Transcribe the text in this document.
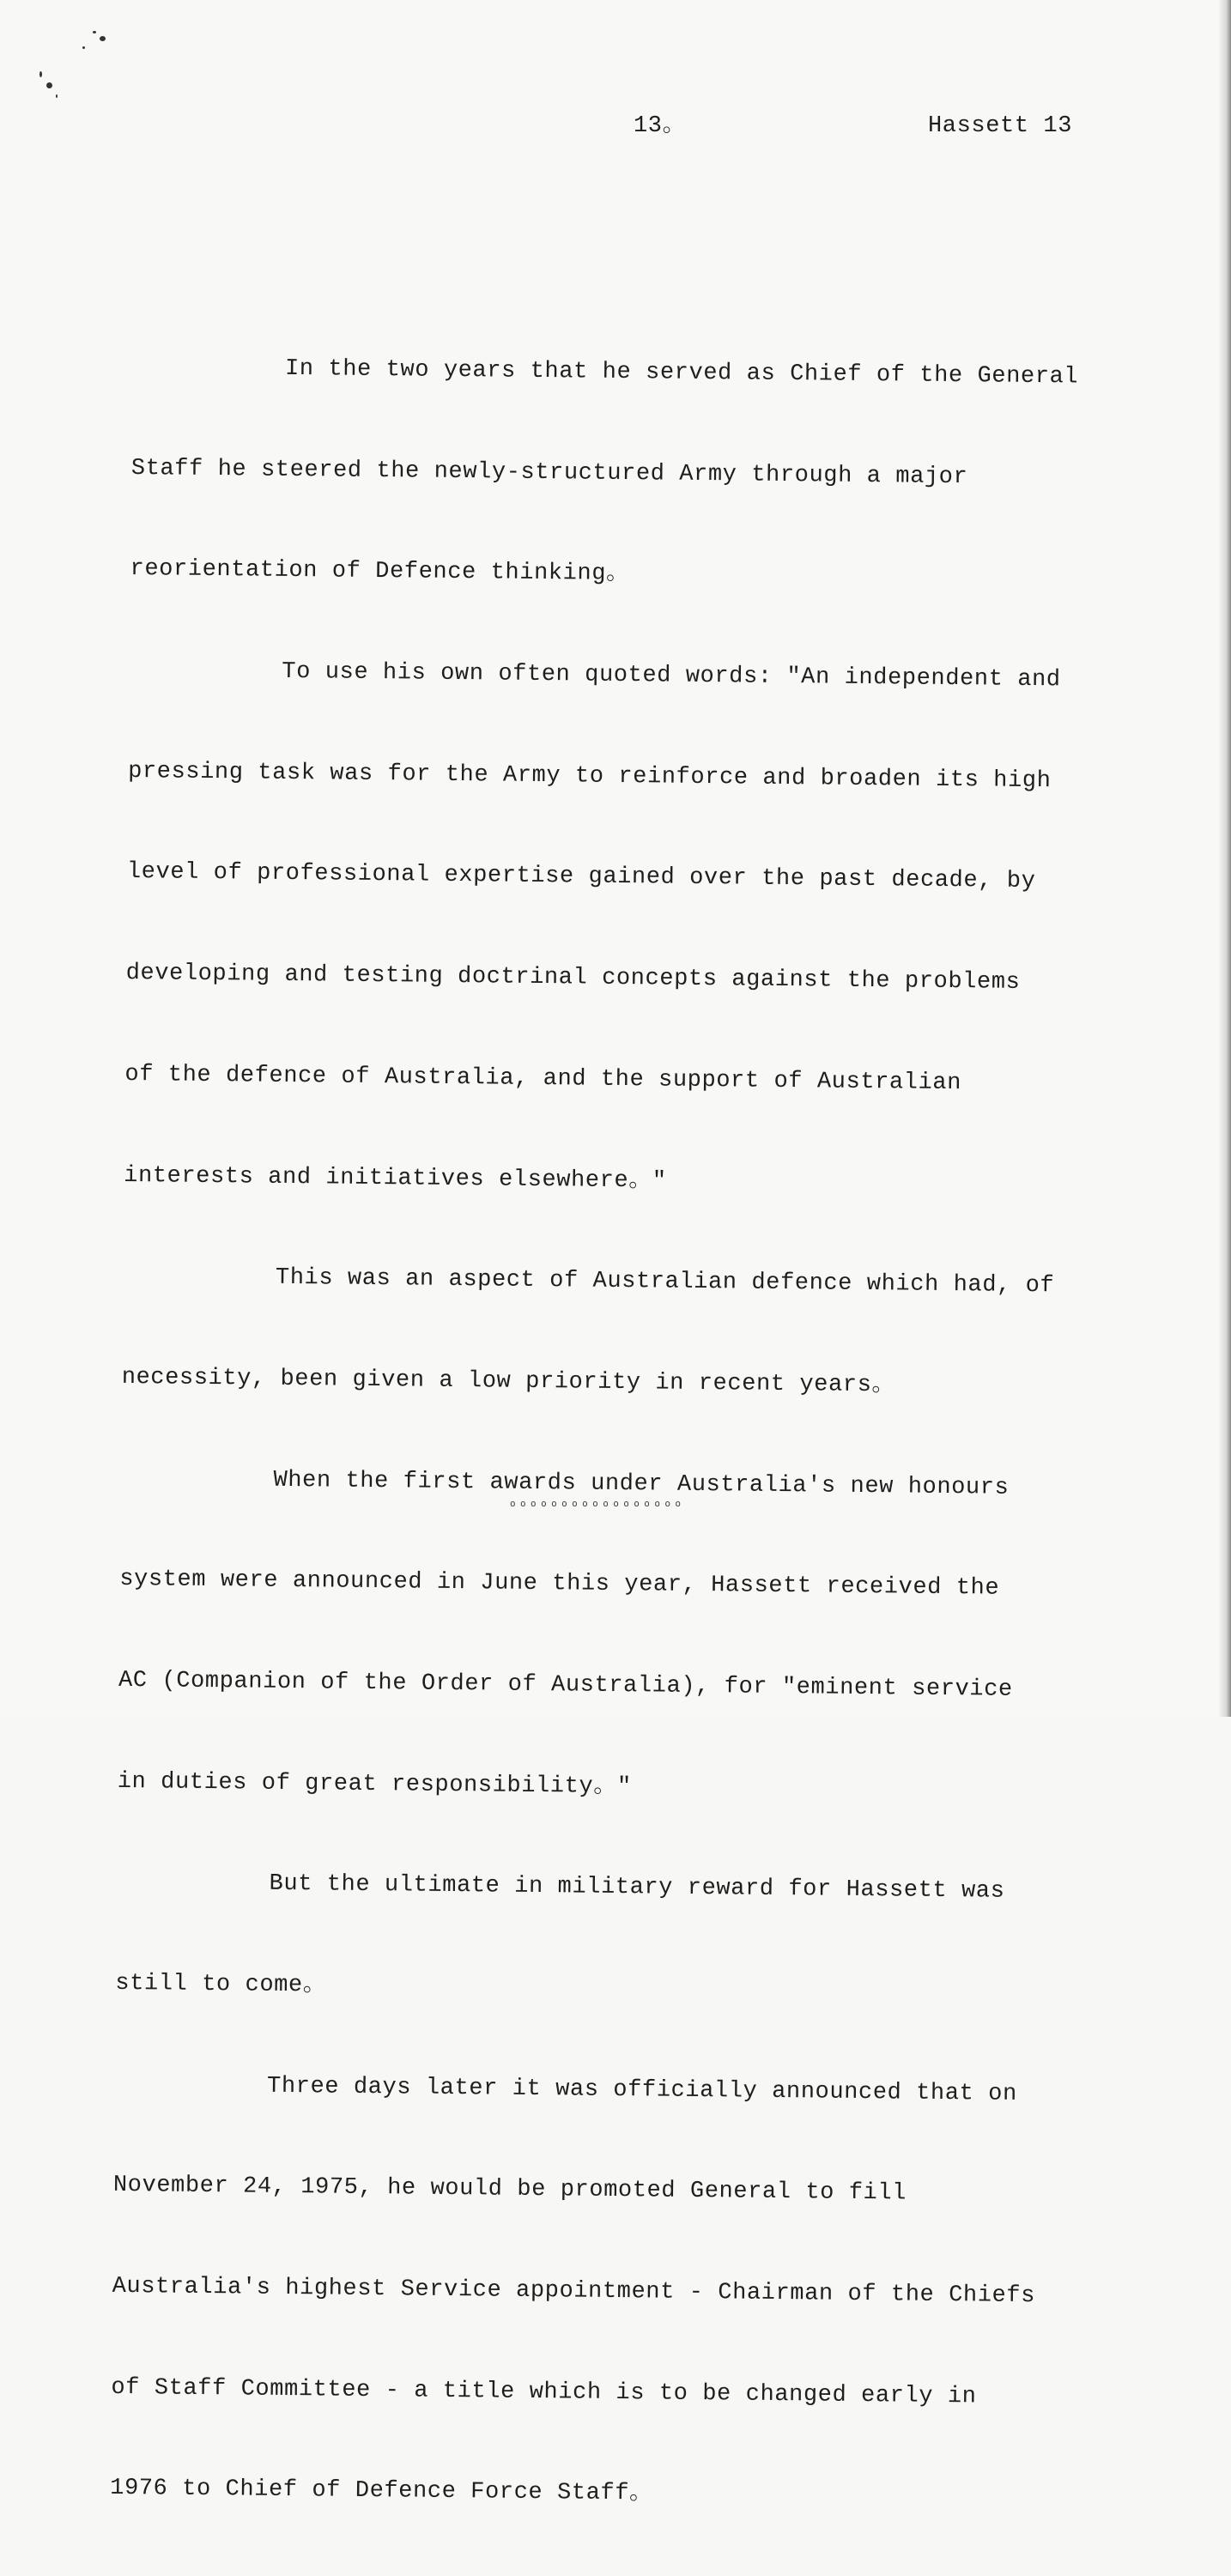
13。	Hassett 13

In the two years that he served as Chief of the General

Staff he steered the newly-structured Army through a major

reorientation of Defence thinking。

To use his own often quoted words: "An independent and

pressing task was for the Army to reinforce and broaden its high

level of professional expertise gained over the past decade, by

developing and testing doctrinal concepts against the problems

of the defence of Australia, and the support of Australian

interests and initiatives elsewhere。"

This was an aspect of Australian defence which had, of

necessity, been given a low priority in recent years。

When the first awards under Australia's new honours

system were announced in June this year, Hassett received the

AC (Companion of the Order of Australia), for "eminent service

in duties of great responsibility。"

But the ultimate in military reward for Hassett was

still to come。

Three days later it was officially announced that on

November 24, 1975, he would be promoted General to fill

Australia's highest Service appointment - Chairman of the Chiefs

of Staff Committee - a title which is to be changed early in

1976 to Chief of Defence Force Staff。

ooooooooooooooooo
